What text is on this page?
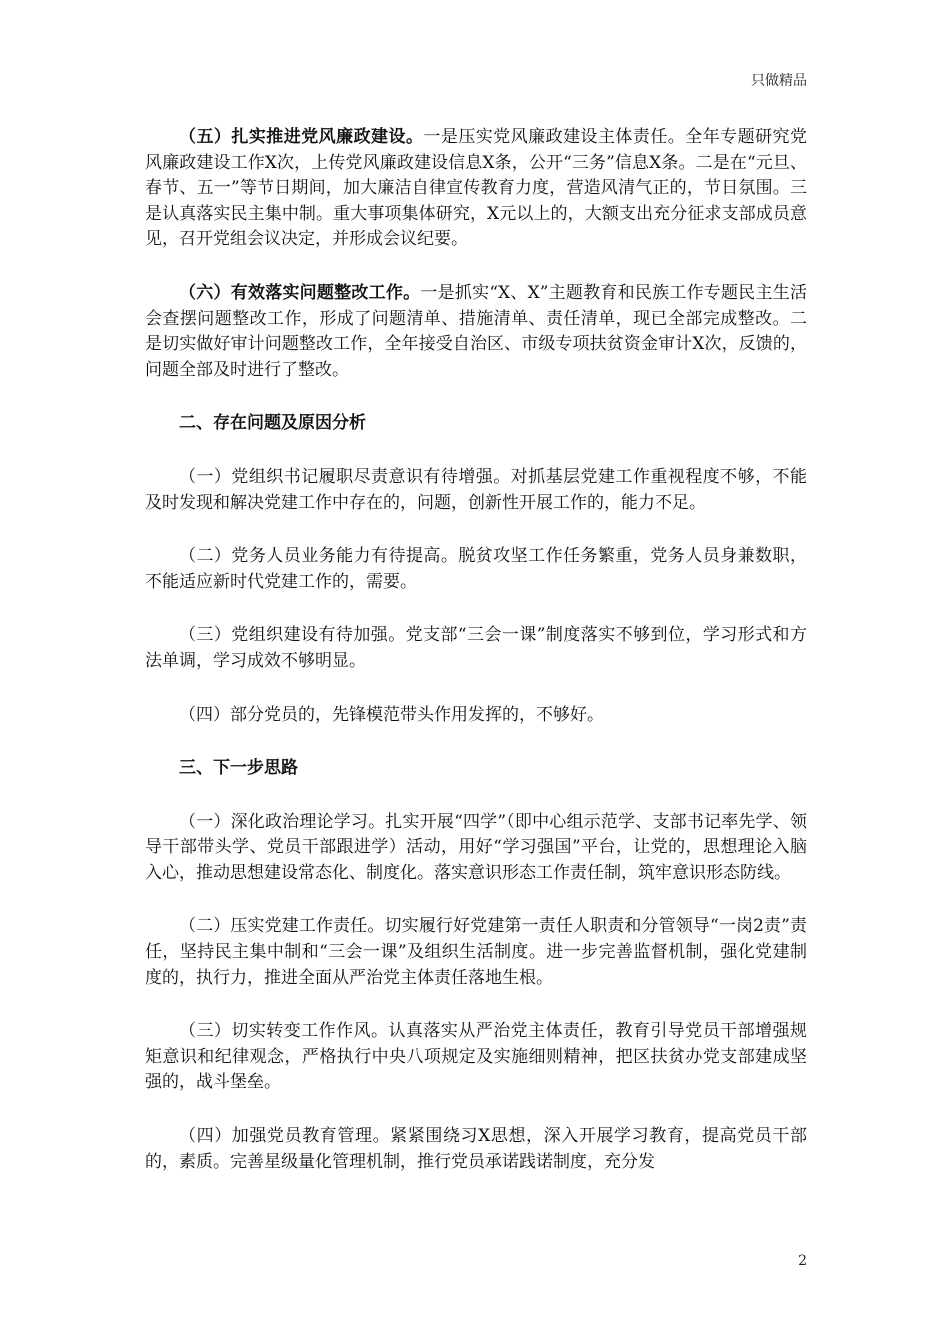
只做精品

（五）扎实推进党风廉政建设。一是压实党风廉政建设主体责任。全年专题研究党风廉政建设工作X次，上传党风廉政建设信息X条，公开“三务”信息X条。二是在“元旦、春节、五一”等节日期间，加大廉洁自律宣传教育力度，营造风清气正的，节日氛围。三是认真落实民主集中制。重大事项集体研究，X元以上的，大额支出充分征求支部成员意见，召开党组会议决定，并形成会议纪要。

（六）有效落实问题整改工作。一是抓实“X、X”主题教育和民族工作专题民主生活会查摆问题整改工作，形成了问题清单、措施清单、责任清单，现已全部完成整改。二是切实做好审计问题整改工作，全年接受自治区、市级专项扶贫资金审计X次，反馈的，问题全部及时进行了整改。

二、存在问题及原因分析

（一）党组织书记履职尽责意识有待增强。对抓基层党建工作重视程度不够，不能及时发现和解决党建工作中存在的，问题，创新性开展工作的，能力不足。

（二）党务人员业务能力有待提高。脱贫攻坚工作任务繁重，党务人员身兼数职，不能适应新时代党建工作的，需要。

（三）党组织建设有待加强。党支部“三会一课”制度落实不够到位，学习形式和方法单调，学习成效不够明显。

（四）部分党员的，先锋模范带头作用发挥的，不够好。

三、下一步思路

（一）深化政治理论学习。扎实开展“四学”（即中心组示范学、支部书记率先学、领导干部带头学、党员干部跟进学）活动，用好“学习强国”平台，让党的，思想理论入脑入心，推动思想建设常态化、制度化。落实意识形态工作责任制，筑牢意识形态防线。

（二）压实党建工作责任。切实履行好党建第一责任人职责和分管领导“一岗2责”责任，坚持民主集中制和“三会一课”及组织生活制度。进一步完善监督机制，强化党建制度的，执行力，推进全面从严治党主体责任落地生根。

（三）切实转变工作作风。认真落实从严治党主体责任，教育引导党员干部增强规矩意识和纪律观念，严格执行中央八项规定及实施细则精神，把区扶贫办党支部建成坚强的，战斗堡垒。

（四）加强党员教育管理。紧紧围绕习X思想，深入开展学习教育，提高党员干部的，素质。完善星级量化管理机制，推行党员承诺践诺制度，充分发

2
